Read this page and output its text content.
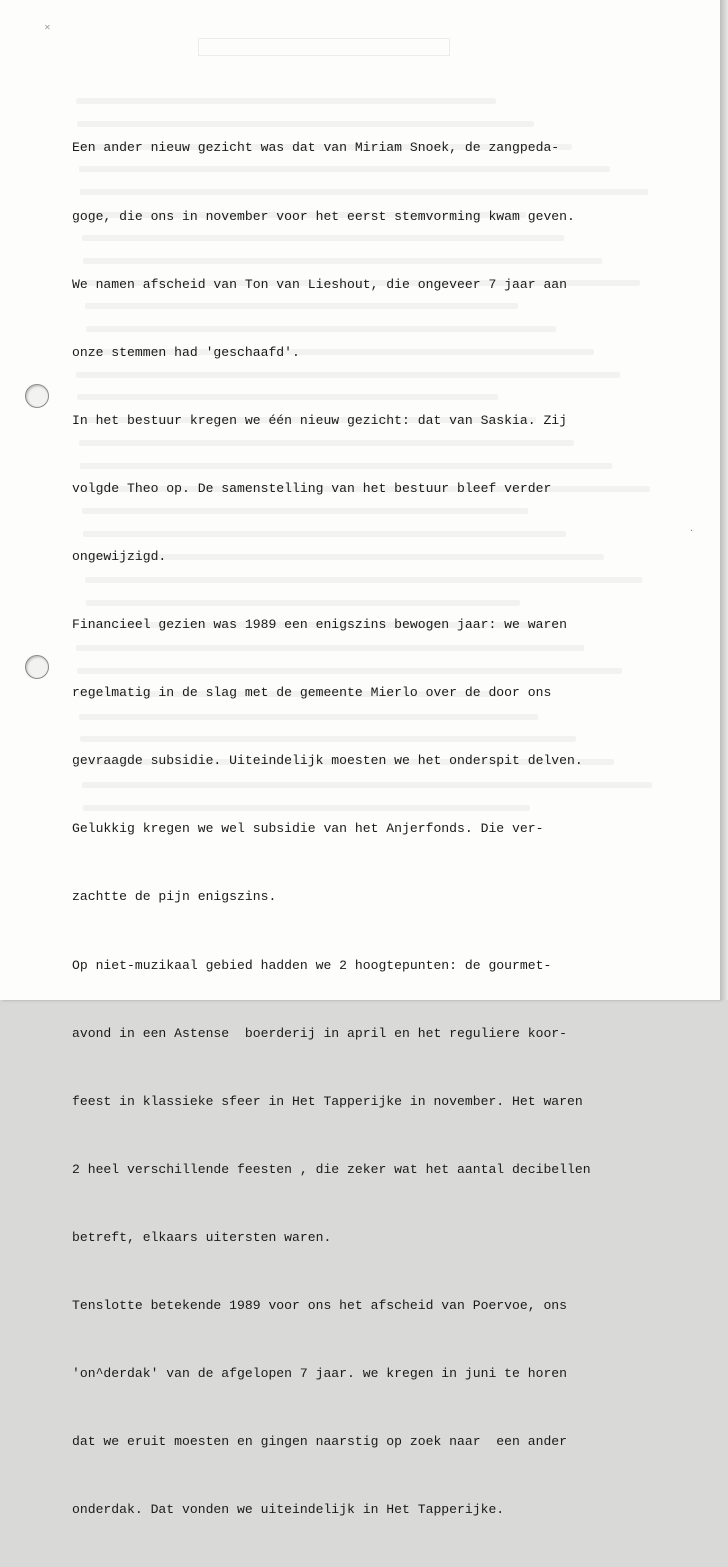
✕

Een ander nieuw gezicht was dat van Miriam Snoek, de zangpeda-

goge, die ons in november voor het eerst stemvorming kwam geven.

We namen afscheid van Ton van Lieshout, die ongeveer 7 jaar aan

onze stemmen had 'geschaafd'.

In het bestuur kregen we één nieuw gezicht: dat van Saskia. Zij

volgde Theo op. De samenstelling van het bestuur bleef verder

ongewijzigd.

Financieel gezien was 1989 een enigszins bewogen jaar: we waren

regelmatig in de slag met de gemeente Mierlo over de door ons

gevraagde subsidie. Uiteindelijk moesten we het onderspit delven.

Gelukkig kregen we wel subsidie van het Anjerfonds. Die ver-

zachtte de pijn enigszins.

Op niet-muzikaal gebied hadden we 2 hoogtepunten: de gourmet-

avond in een Astense  boerderij in april en het reguliere koor-

feest in klassieke sfeer in Het Tapperijke in november. Het waren

2 heel verschillende feesten , die zeker wat het aantal decibellen

betreft, elkaars uitersten waren.

Tenslotte betekende 1989 voor ons het afscheid van Poervoe, ons

'on^derdak' van de afgelopen 7 jaar. we kregen in juni te horen

dat we eruit moesten en gingen naarstig op zoek naar  een ander

onderdak. Dat vonden we uiteindelijk in Het Tapperijke.

·
